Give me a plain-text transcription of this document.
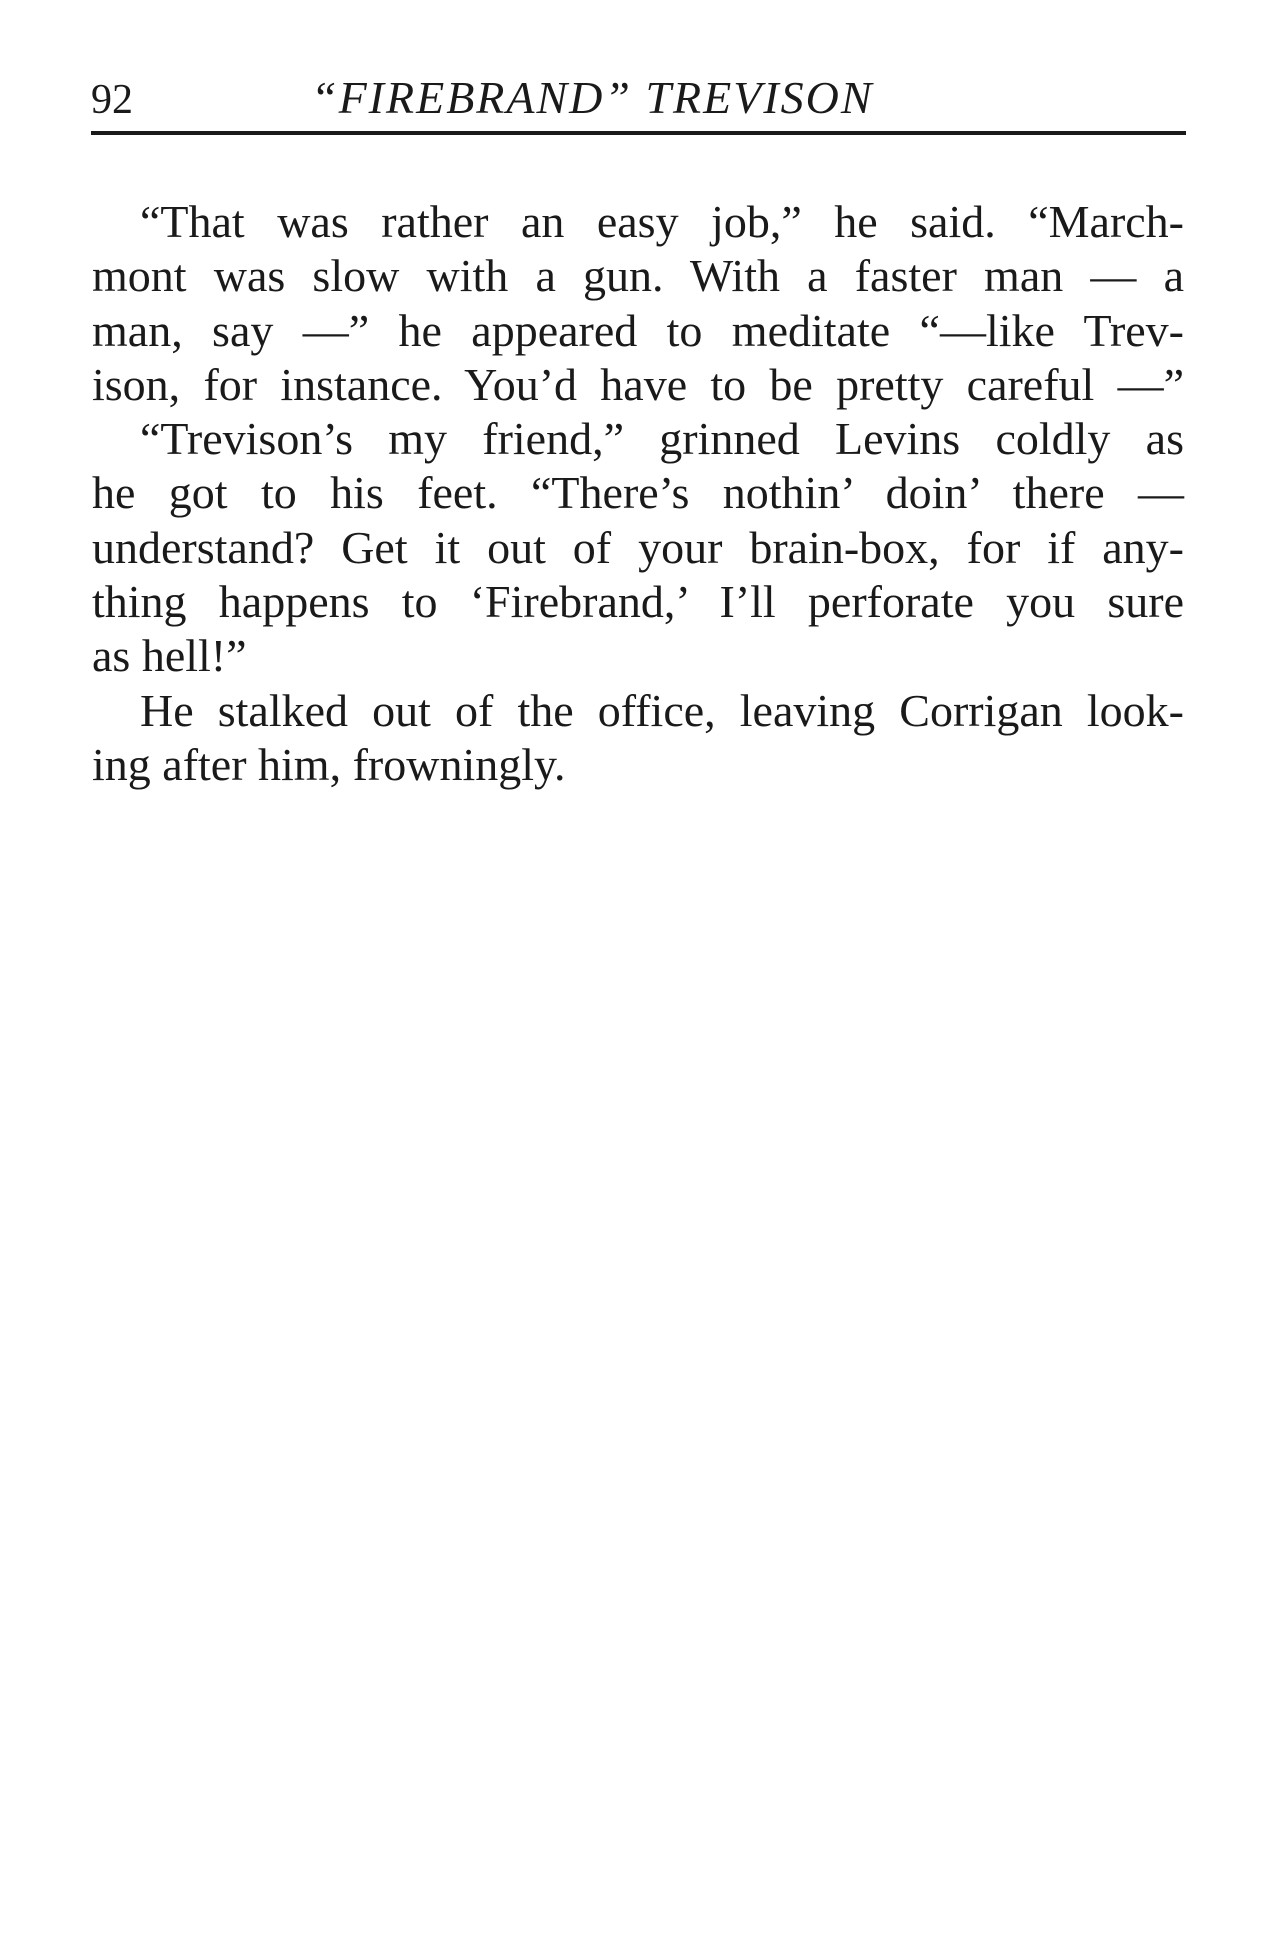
92	“FIREBRAND” TREVISON
“That was rather an easy job,” he said. “March-
mont was slow with a gun. With a faster man — a
man, say —” he appeared to meditate “—like Trev-
ison, for instance. You’d have to be pretty careful —”
“Trevison’s my friend,” grinned Levins coldly as
he got to his feet. “There’s nothin’ doin’ there —
understand? Get it out of your brain-box, for if any-
thing happens to ‘Firebrand,’ I’ll perforate you sure
as hell!”
He stalked out of the office, leaving Corrigan look-
ing after him, frowningly.
